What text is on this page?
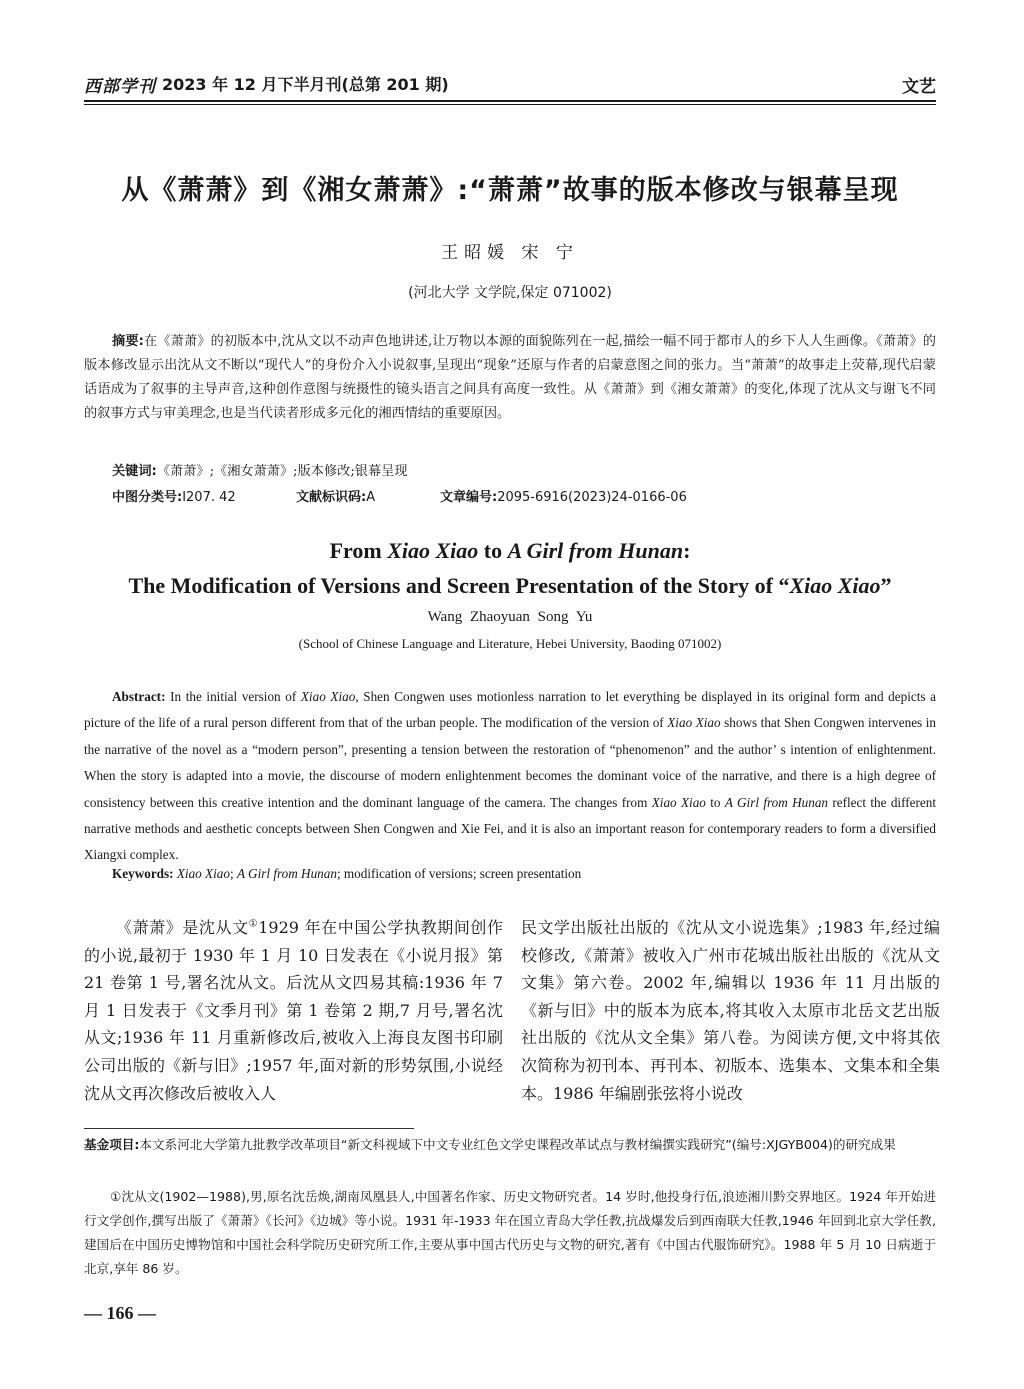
西部学刊 2023 年 12 月下半月刊(总第 201 期)	文艺
从《萧萧》到《湘女萧萧》:“萧萧”故事的版本修改与银幕呈现
王昭媛 宋 宁
(河北大学 文学院,保定 071002)
摘要:在《萧萧》的初版本中,沈从文以不动声色地讲述,让万物以本源的面貌陈列在一起,描绘一幅不同于都市人的乡下人人生画像。《萧萧》的版本修改显示出沈从文不断以“现代人”的身份介入小说叙事,呈现出“现象”还原与作者的启蒙意图之间的张力。当“萧萧”的故事走上荧幕,现代启蒙话语成为了叙事的主导声音,这种创作意图与统摄性的镜头语言之间具有高度一致性。从《萧萧》到《湘女萧萧》的变化,体现了沈从文与谢飞不同的叙事方式与审美理念,也是当代读者形成多元化的湘西情结的重要原因。
关键词:《萧萧》;《湘女萧萧》;版本修改;银幕呈现
中图分类号:I207. 42	文献标识码:A	文章编号:2095-6916(2023)24-0166-06
From Xiao Xiao to A Girl from Hunan:
The Modification of Versions and Screen Presentation of the Story of “Xiao Xiao”
Wang Zhaoyuan Song Yu
(School of Chinese Language and Literature, Hebei University, Baoding 071002)
Abstract: In the initial version of Xiao Xiao, Shen Congwen uses motionless narration to let everything be displayed in its original form and depicts a picture of the life of a rural person different from that of the urban people. The modification of the version of Xiao Xiao shows that Shen Congwen intervenes in the narrative of the novel as a “modern person”, presenting a tension between the restoration of “phenomenon” and the author’ s intention of enlightenment. When the story is adapted into a movie, the discourse of modern enlightenment becomes the dominant voice of the narrative, and there is a high degree of consistency between this creative intention and the dominant language of the camera. The changes from Xiao Xiao to A Girl from Hunan reflect the different narrative methods and aesthetic concepts between Shen Congwen and Xie Fei, and it is also an important reason for contemporary readers to form a diversified Xiangxi complex.
Keywords: Xiao Xiao; A Girl from Hunan; modification of versions; screen presentation
《萧萧》是沈从文①1929 年在中国公学执教期间创作的小说,最初于 1930 年 1 月 10 日发表在《小说月报》第 21 卷第 1 号,署名沈从文。后沈从文四易其稿:1936 年 7 月 1 日发表于《文季月刊》第 1 卷第 2 期,7 月号,署名沈从文;1936 年 11 月重新修改后,被收入上海良友图书印刷公司出版的《新与旧》;1957 年,面对新的形势氛围,小说经沈从文再次修改后被收入人
民文学出版社出版的《沈从文小说选集》;1983 年,经过编校修改,《萧萧》被收入广州市花城出版社出版的《沈从文文集》第六卷。2002 年,编辑以 1936 年 11 月出版的《新与旧》中的版本为底本,将其收入太原市北岳文艺出版社出版的《沈从文全集》第八卷。为阅读方便,文中将其依次简称为初刊本、再刊本、初版本、选集本、文集本和全集本。1986 年编剧张弦将小说改
基金项目:本文系河北大学第九批教学改革项目“新文科视域下中文专业红色文学史课程改革试点与教材编撰实践研究”(编号:XJGYB004)的研究成果
①沈从文(1902—1988),男,原名沈岳焕,湖南凤凰县人,中国著名作家、历史文物研究者。14 岁时,他投身行伍,浪迹湘川黔交界地区。1924 年开始进行文学创作,撰写出版了《萧萧》《长河》《边城》等小说。1931 年-1933 年在国立青岛大学任教,抗战爆发后到西南联大任教,1946 年回到北京大学任教,建国后在中国历史博物馆和中国社会科学院历史研究所工作,主要从事中国古代历史与文物的研究,著有《中国古代服饰研究》。1988 年 5 月 10 日病逝于北京,享年 86 岁。
— 166 —
